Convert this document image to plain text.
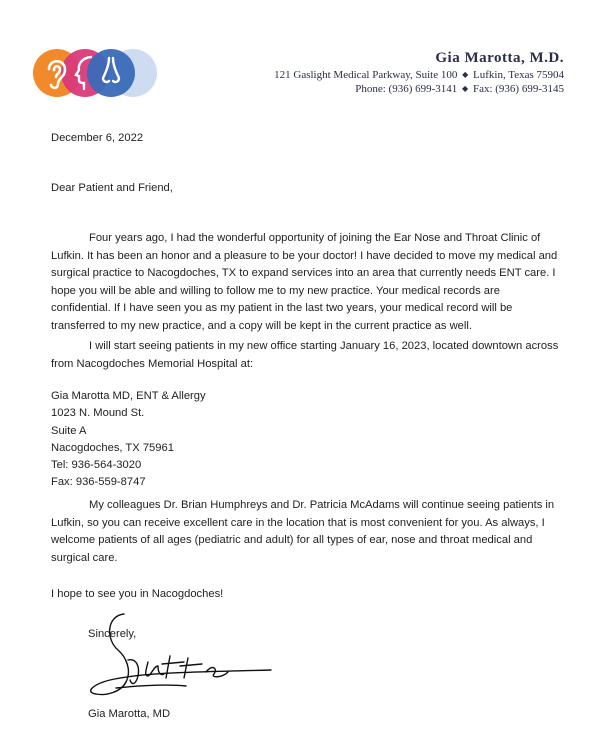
Gia Marotta, M.D.
121 Gaslight Medical Parkway, Suite 100 ◆ Lufkin, Texas 75904
Phone: (936) 699-3141 ◆ Fax: (936) 699-3145
December 6, 2022
Dear Patient and Friend,
Four years ago, I had the wonderful opportunity of joining the Ear Nose and Throat Clinic of Lufkin. It has been an honor and a pleasure to be your doctor! I have decided to move my medical and surgical practice to Nacogdoches, TX to expand services into an area that currently needs ENT care. I hope you will be able and willing to follow me to my new practice. Your medical records are confidential. If I have seen you as my patient in the last two years, your medical record will be transferred to my new practice, and a copy will be kept in the current practice as well.
I will start seeing patients in my new office starting January 16, 2023, located downtown across from Nacogdoches Memorial Hospital at:
Gia Marotta MD, ENT & Allergy
1023 N. Mound St.
Suite A
Nacogdoches, TX 75961
Tel: 936-564-3020
Fax: 936-559-8747
My colleagues Dr. Brian Humphreys and Dr. Patricia McAdams will continue seeing patients in Lufkin, so you can receive excellent care in the location that is most convenient for you. As always, I welcome patients of all ages (pediatric and adult) for all types of ear, nose and throat medical and surgical care.
I hope to see you in Nacogdoches!
Sincerely,
Gia Marotta, MD
